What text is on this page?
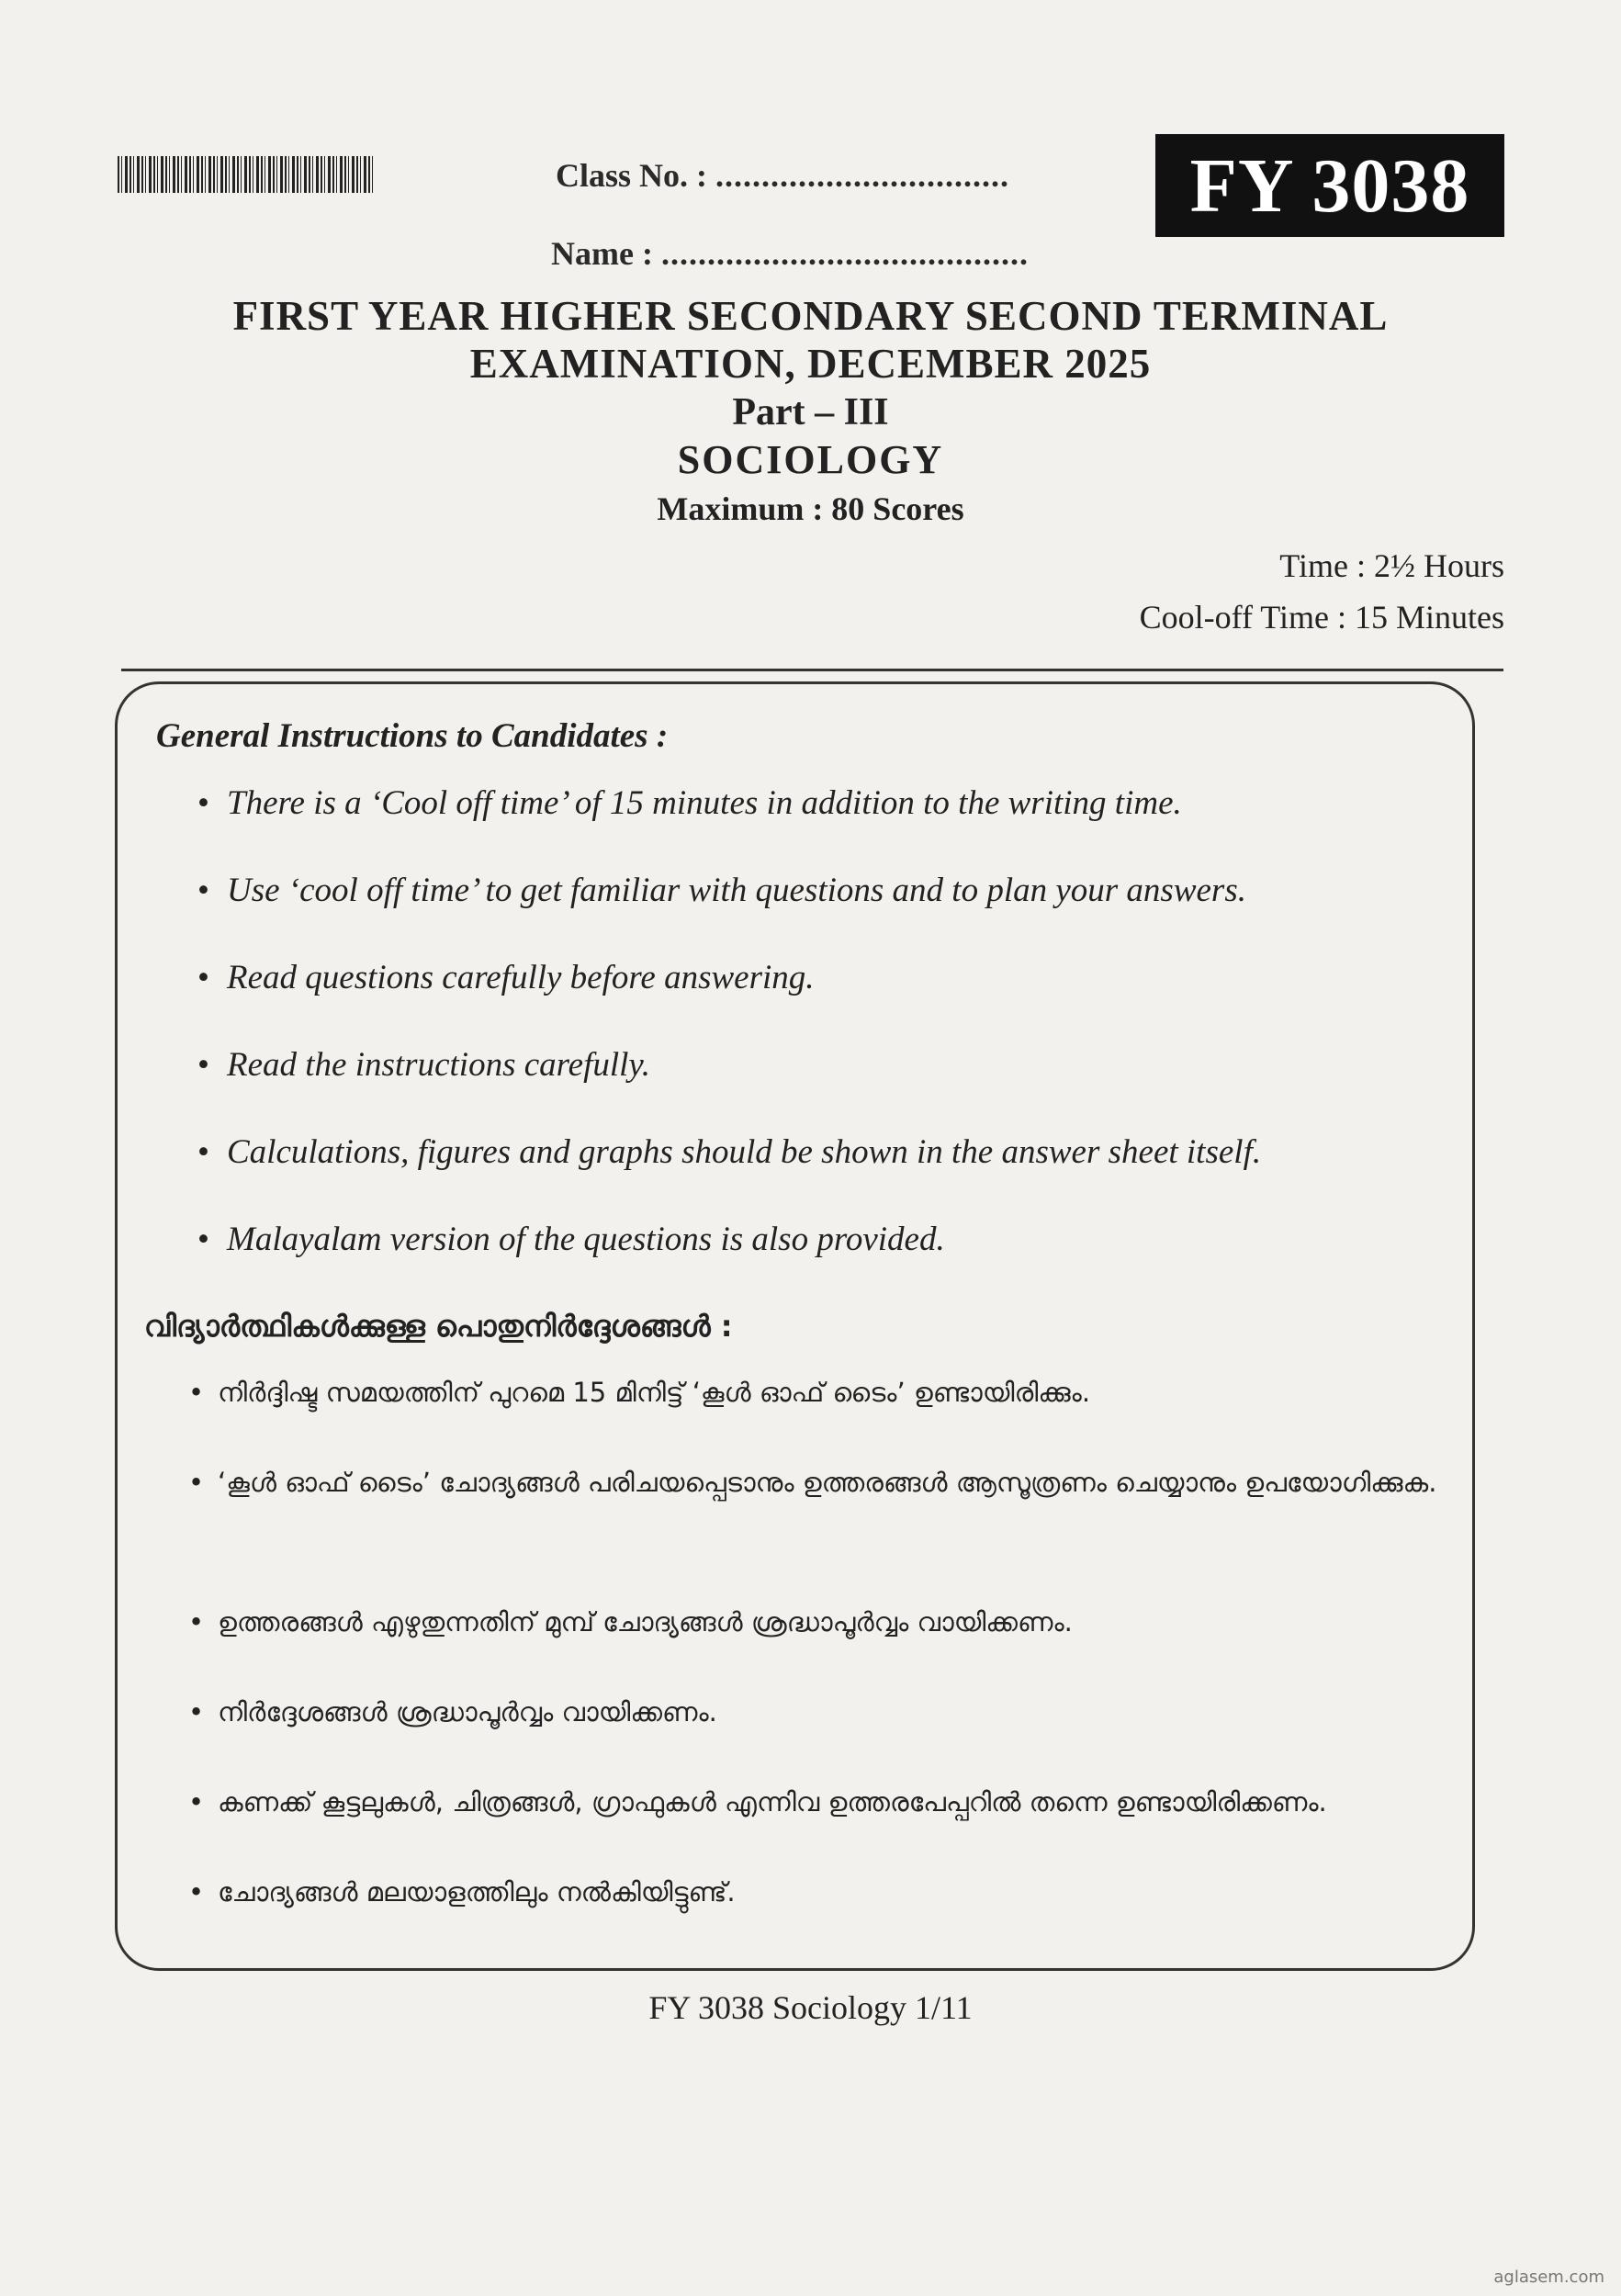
Class No. : ................................
Name : ........................................
FY 3038
FIRST YEAR HIGHER SECONDARY SECOND TERMINAL
EXAMINATION, DECEMBER 2025
Part – III
SOCIOLOGY
Maximum : 80 Scores
Time : 2½ Hours
Cool-off Time : 15 Minutes
General Instructions to Candidates :
• There is a ‘Cool off time’ of 15 minutes in addition to the writing time.
• Use ‘cool off time’ to get familiar with questions and to plan your answers.
• Read questions carefully before answering.
• Read the instructions carefully.
• Calculations, figures and graphs should be shown in the answer sheet itself.
• Malayalam version of the questions is also provided.
വിദ്യാർത്ഥികൾക്കുള്ള പൊതുനിർദ്ദേശങ്ങൾ :
• നിർദ്ദിഷ്ട സമയത്തിന് പുറമെ 15 മിനിട്ട് ‘കൂൾ ഓഫ് ടൈം’ ഉണ്ടായിരിക്കും.
• ‘കൂൾ ഓഫ് ടൈം’ ചോദ്യങ്ങൾ പരിചയപ്പെടാനും ഉത്തരങ്ങൾ ആസൂത്രണം ചെയ്യാനും ഉപയോഗിക്കുക.
• ഉത്തരങ്ങൾ എഴുതുന്നതിന് മുമ്പ് ചോദ്യങ്ങൾ ശ്രദ്ധാപൂർവ്വം വായിക്കണം.
• നിർദ്ദേശങ്ങൾ ശ്രദ്ധാപൂർവ്വം വായിക്കണം.
• കണക്ക് കൂട്ടലുകൾ, ചിത്രങ്ങൾ, ഗ്രാഫുകൾ എന്നിവ ഉത്തരപേപ്പറിൽ തന്നെ ഉണ്ടായിരിക്കണം.
• ചോദ്യങ്ങൾ മലയാളത്തിലും നൽകിയിട്ടുണ്ട്.
FY 3038 Sociology 1/11
aglasem.com
